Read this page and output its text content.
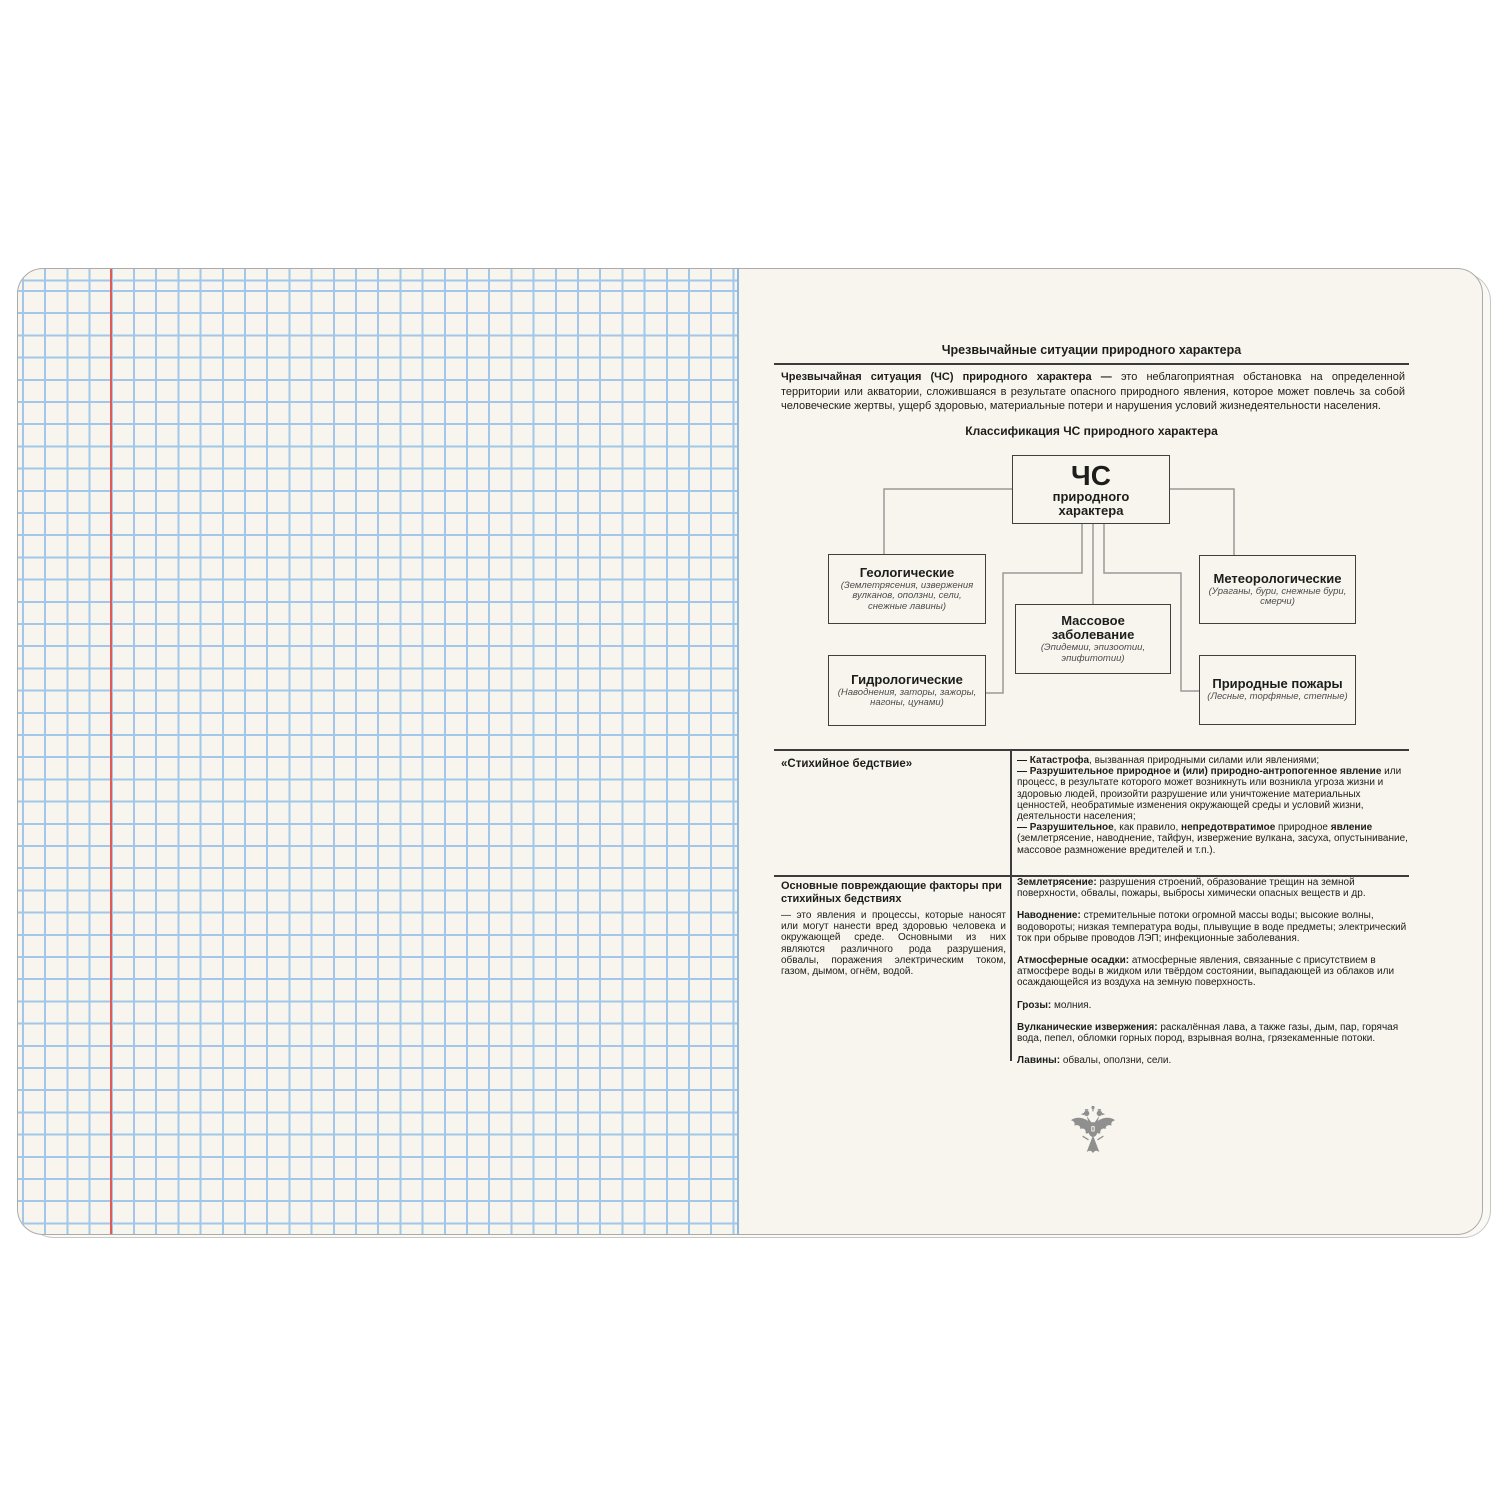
Чрезвычайные ситуации природного характера
Чрезвычайная ситуация (ЧС) природного характера — это неблагоприятная обстановка на определенной территории или акватории, сложившаяся в результате опасного природного явления, которое может повлечь за собой человеческие жертвы, ущерб здоровью, материальные потери и нарушения условий жизнедеятельности населения.
Классификация ЧС природного характера
ЧС
природного характера
Геологические
(Землетрясения, извержения вулканов, оползни, сели, снежные лавины)
Метеорологические
(Ураганы, бури, снежные бури, смерчи)
Массовое заболевание
(Эпидемии, эпизоотии, эпифитотии)
Гидрологические
(Наводнения, заторы, зажоры, нагоны, цунами)
Природные пожары
(Лесные, торфяные, степные)
«Стихийное бедствие»	— Катастрофа, вызванная природными силами или явлениями;
— Разрушительное природное и (или) природно-антропогенное явление или процесс, в результате которого может возникнуть или возникла угроза жизни и здоровью людей, произойти разрушение или уничтожение материальных ценностей, необратимые изменения окружающей среды и условий жизни, деятельности населения;
— Разрушительное, как правило, непредотвратимое природное явление (землетрясение, наводнение, тайфун, извержение вулкана, засуха, опустынивание, массовое размножение вредителей и т.п.).
Основные повреждающие факторы при стихийных бедствиях
— это явления и процессы, которые наносят или могут нанести вред здоровью человека и окружающей среде. Основными из них являются различного рода разрушения, обвалы, поражения электрическим током, газом, дымом, огнём, водой.

Землетрясение: разрушения строений, образование трещин на земной поверхности, обвалы, пожары, выбросы химически опасных веществ и др.

Наводнение: стремительные потоки огромной массы воды; высокие волны, водовороты; низкая температура воды, плывущие в воде предметы; электрический ток при обрыве проводов ЛЭП; инфекционные заболевания.

Атмосферные осадки: атмосферные явления, связанные с присутствием в атмосфере воды в жидком или твёрдом состоянии, выпадающей из облаков или осаждающейся из воздуха на земную поверхность.

Грозы: молния.

Вулканические извержения: раскалённая лава, а также газы, дым, пар, горячая вода, пепел, обломки горных пород, взрывная волна, грязекаменные потоки.

Лавины: обвалы, оползни, сели.
